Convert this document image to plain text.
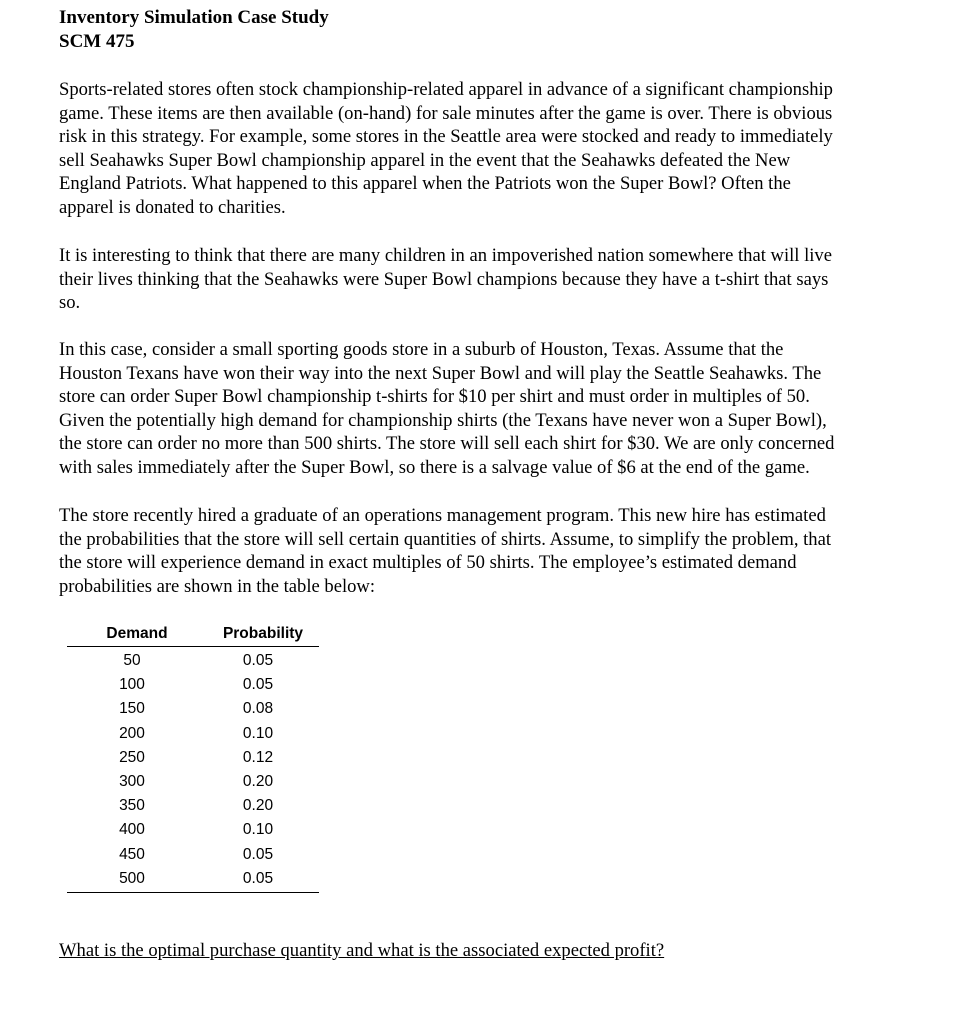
Inventory Simulation Case Study
SCM 475
Sports-related stores often stock championship-related apparel in advance of a significant championship
game. These items are then available (on-hand) for sale minutes after the game is over. There is obvious
risk in this strategy. For example, some stores in the Seattle area were stocked and ready to immediately
sell Seahawks Super Bowl championship apparel in the event that the Seahawks defeated the New
England Patriots. What happened to this apparel when the Patriots won the Super Bowl? Often the
apparel is donated to charities.
It is interesting to think that there are many children in an impoverished nation somewhere that will live
their lives thinking that the Seahawks were Super Bowl champions because they have a t-shirt that says
so.
In this case, consider a small sporting goods store in a suburb of Houston, Texas. Assume that the
Houston Texans have won their way into the next Super Bowl and will play the Seattle Seahawks. The
store can order Super Bowl championship t-shirts for $10 per shirt and must order in multiples of 50.
Given the potentially high demand for championship shirts (the Texans have never won a Super Bowl),
the store can order no more than 500 shirts. The store will sell each shirt for $30. We are only concerned
with sales immediately after the Super Bowl, so there is a salvage value of $6 at the end of the game.
The store recently hired a graduate of an operations management program. This new hire has estimated
the probabilities that the store will sell certain quantities of shirts. Assume, to simplify the problem, that
the store will experience demand in exact multiples of 50 shirts. The employee’s estimated demand
probabilities are shown in the table below:
Demand	Probability
50	0.05
100	0.05
150	0.08
200	0.10
250	0.12
300	0.20
350	0.20
400	0.10
450	0.05
500	0.05
What is the optimal purchase quantity and what is the associated expected profit?
